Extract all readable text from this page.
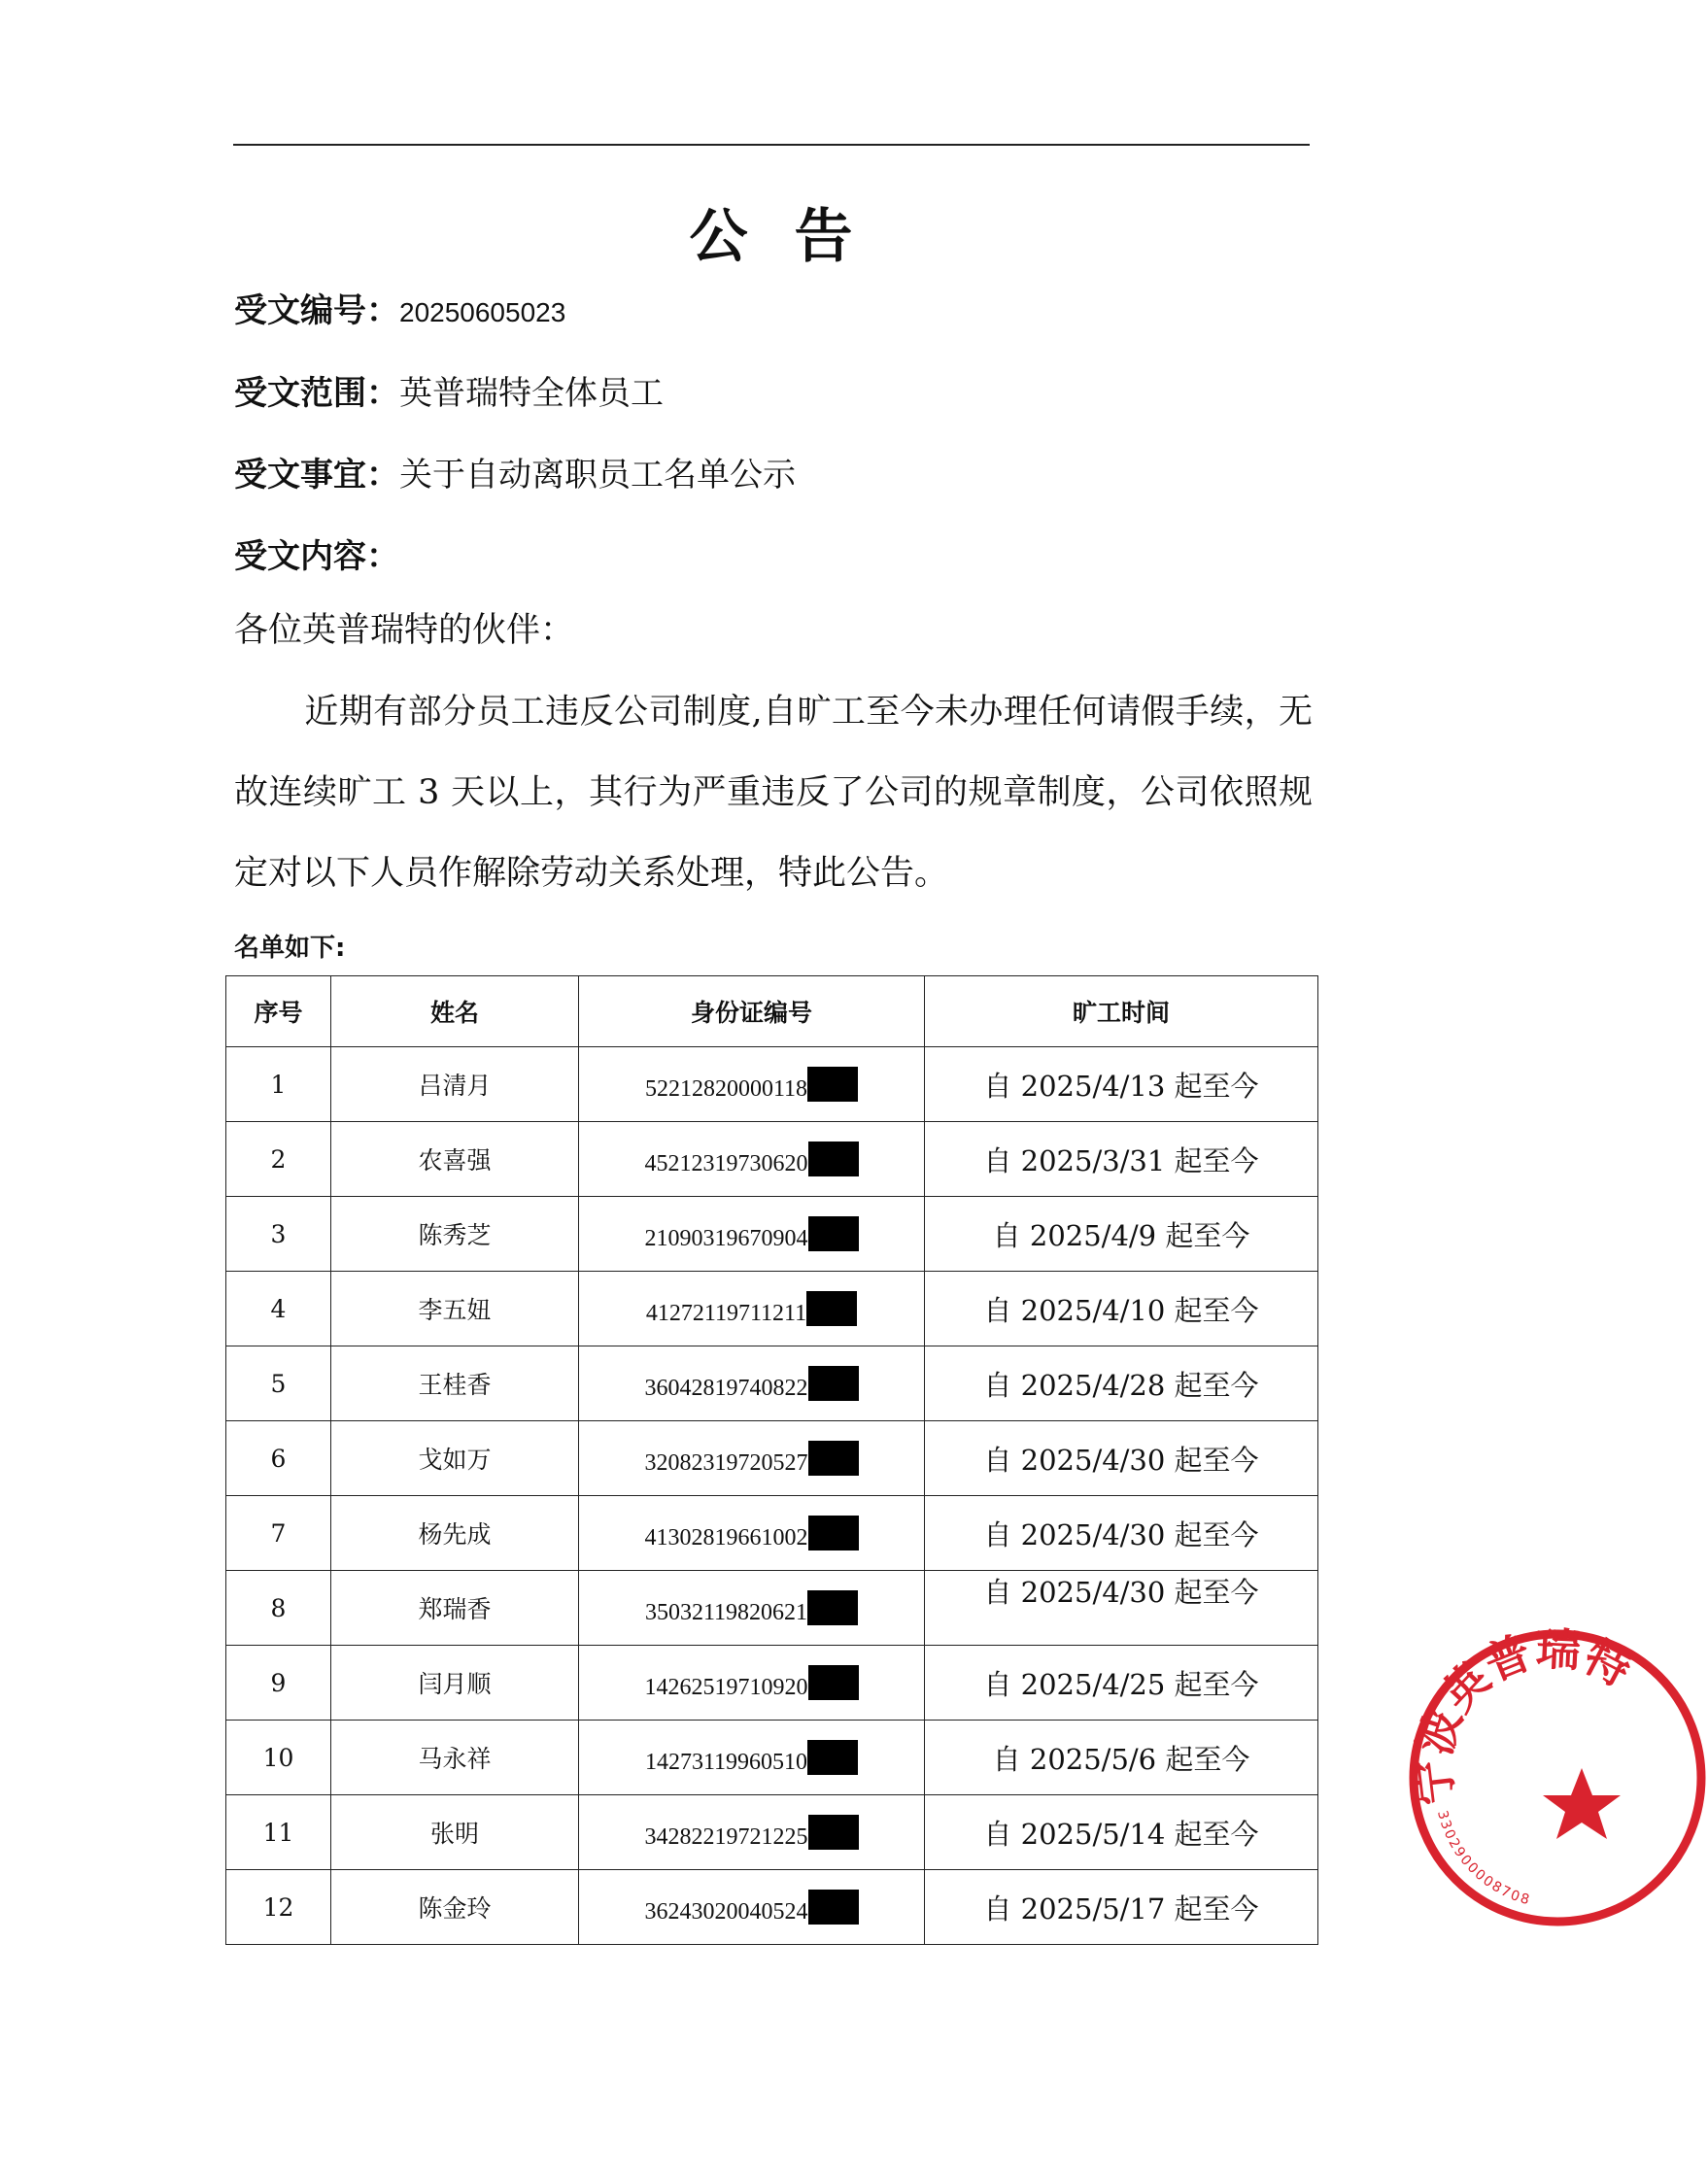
公告
受文编号：20250605023
受文范围：英普瑞特全体员工
受文事宜：关于自动离职员工名单公示
受文内容：
各位英普瑞特的伙伴：
近期有部分员工违反公司制度,自旷工至今未办理任何请假手续，无故连续旷工 3 天以上，其行为严重违反了公司的规章制度，公司依照规定对以下人员作解除劳动关系处理，特此公告。
名单如下:
序号	姓名	身份证编号	旷工时间
1	吕清月	52212820000118	自 2025/4/13 起至今
2	农喜强	45212319730620	自 2025/3/31 起至今
3	陈秀芝	21090319670904	自 2025/4/9 起至今
4	李五妞	41272119711211	自 2025/4/10 起至今
5	王桂香	36042819740822	自 2025/4/28 起至今
6	戈如万	32082319720527	自 2025/4/30 起至今
7	杨先成	41302819661002	自 2025/4/30 起至今
8	郑瑞香	35032119820621	自 2025/4/30 起至今
9	闫月顺	14262519710920	自 2025/4/25 起至今
10	马永祥	14273119960510	自 2025/5/6 起至今
11	张明	34282219721225	自 2025/5/14 起至今
12	陈金玲	36243020040524	自 2025/5/17 起至今
宁波英普瑞特
3302900008708
